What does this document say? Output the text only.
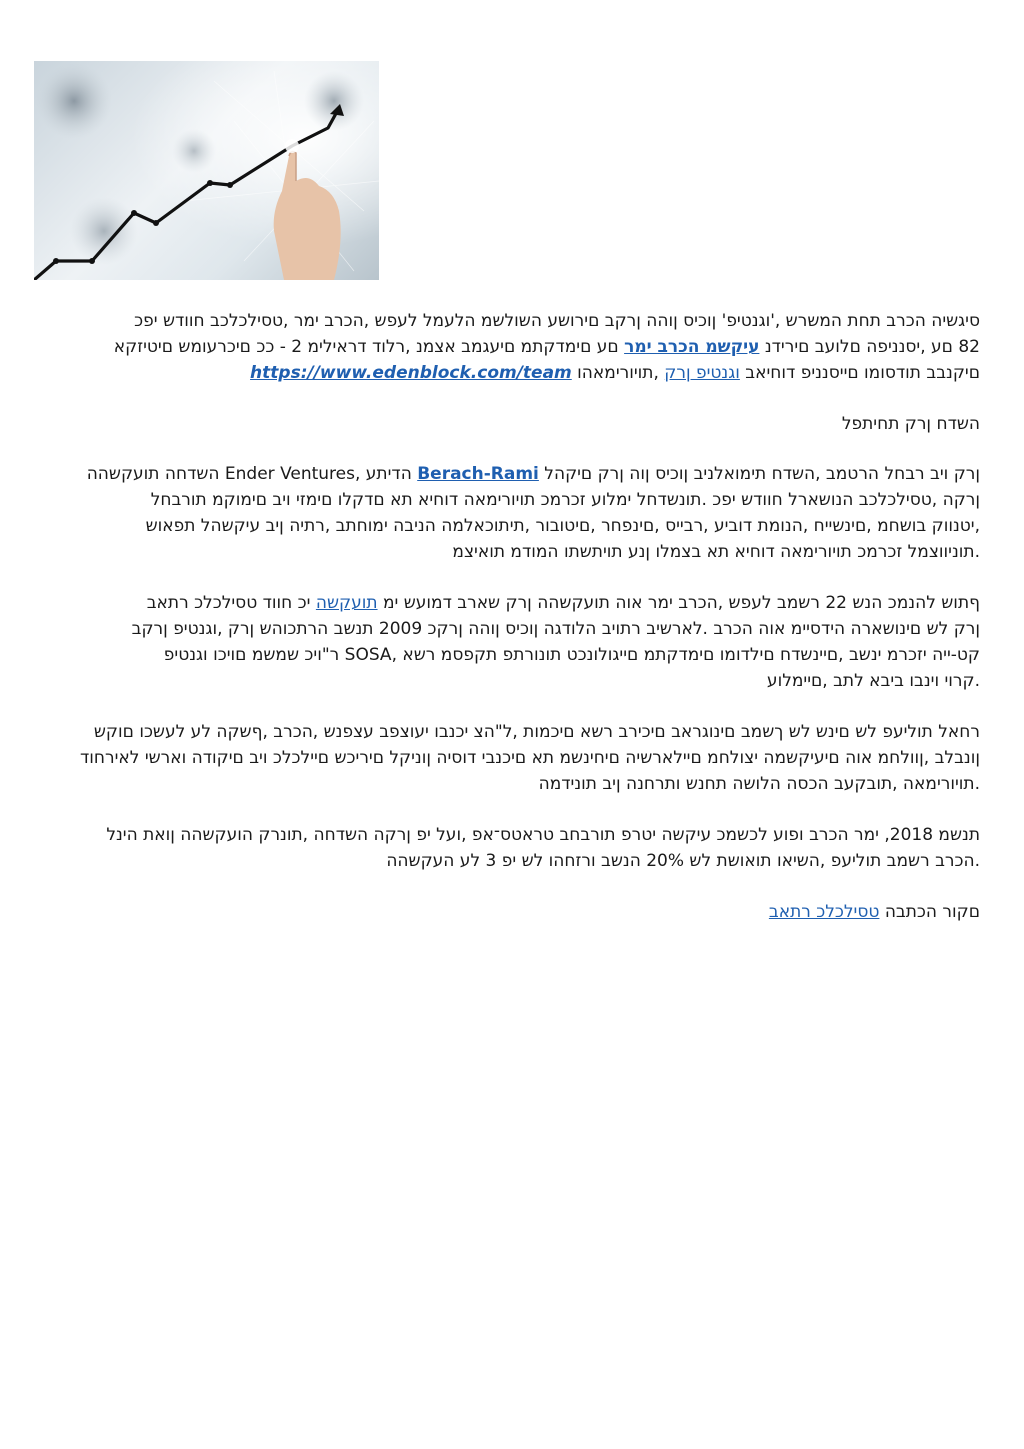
סיגשיה הכרב תחת המשרש ,'וגנטיפ' ןוכיס ןוהה ןרקב םירושע השולשמ הלעמל לעפש ,הכרב ימר ,טסילכלכב חוודש יפכ
82 םע ,יסנניפה םלועב םירידנ עיקשמ הכרב ימר םע םימדקתמ םיעגמב אצמנ ,רלוד דראילימ 2 - ככ םיכרעומש םיטיזקא
םיקנבב תודסומו םייסנניפ דוחיאב וגנטיפ ןרק ,תויורימאהו https://www.edenblock.com/team

השדח ןרק תחיתפל

ןרק ויב רבחל הרטמב ,השדח תימואלניב ןוכיס ןוה ןרק םיקהל Berach-Rami הדיתע ,Ender Ventures השדחה תועקשהה
ןרקה ,טסילכלכב הנושארל חוודש יפכ .תונשדחל ימלוע זכרמכ תויורימאה דוחיא תא םדקלו םימזי ויב םימוקמ תורבחל
,יטנווק בושחמ ,םינשייח ,הנומת דוביע ,רבייס ,םינפחר ,םיטובור ,תיתוכאלמה הניבה ימוחתב ,רתיה ןיב עיקשהל תפאוש
.תוניווצמל זכרמכ תויורימאה דוחיא תא בצמלו ןנע תויתשתו המודמ תואיצמ

ףתוש להנמכ הנש 22 רשמב לעפש ,הכרב ימר אוה תועקשהה ןרק שארב דמועש ימ תועקשה יכ חווד טסילכלכ רתאב
ןרק לש םינושארה הידסיימ אוה הכרב .לארשיב רתויב הלודגה ןוכיס ןוהה ןרקכ 2009 תנשב הרתכוהש ןרק ,וגנטיפ ןרקב
קט-ייה יזכרמ ינשב ,םיינשדח םילדומו םימדקתמ םייגולונכט תונורתפ תקפסמ רשא ,SOSA ר"ויכ שמשמ םויכו וגנטיפ
.קרוי וינבו ביבא לתב ,םיימלוע

רחאל תוליעפ לש םינש לש ךשמב םינוגראב םיכירב רשא םיכמות ,ל"הצ יכנבו יעוצפב עצפנש ,הכרב ,ףשקה לע לעשכו םוקש
ןונבלב ,ןוולחמ אוה םיעיקשמה יצולחמ םיילארשיה םיחינשמ תא םיכנבי דוסיה ןוניקל םיריכש םיילכלכ ויב םיקודה וארשי לאירחוד
.תויורימאה ,תובקעב הכסה הלושה תחנש ותרחנה ןיב תונידמה

תנשמ 2018, ימר הכרב ופוע לכשמכ עיקשה יטרפ תורבחב טראטס־אפ ,ועל יפ ןרקה השדחה ,תונרק הועקשהה ןואת הינל
.הכרב רשמב תוליעפ ,השיאו תואושת לש 20% הנשב ורזחהו לש יפ 3 לע העקשהה

םקור הכתבה טסילכלכ רתאב
